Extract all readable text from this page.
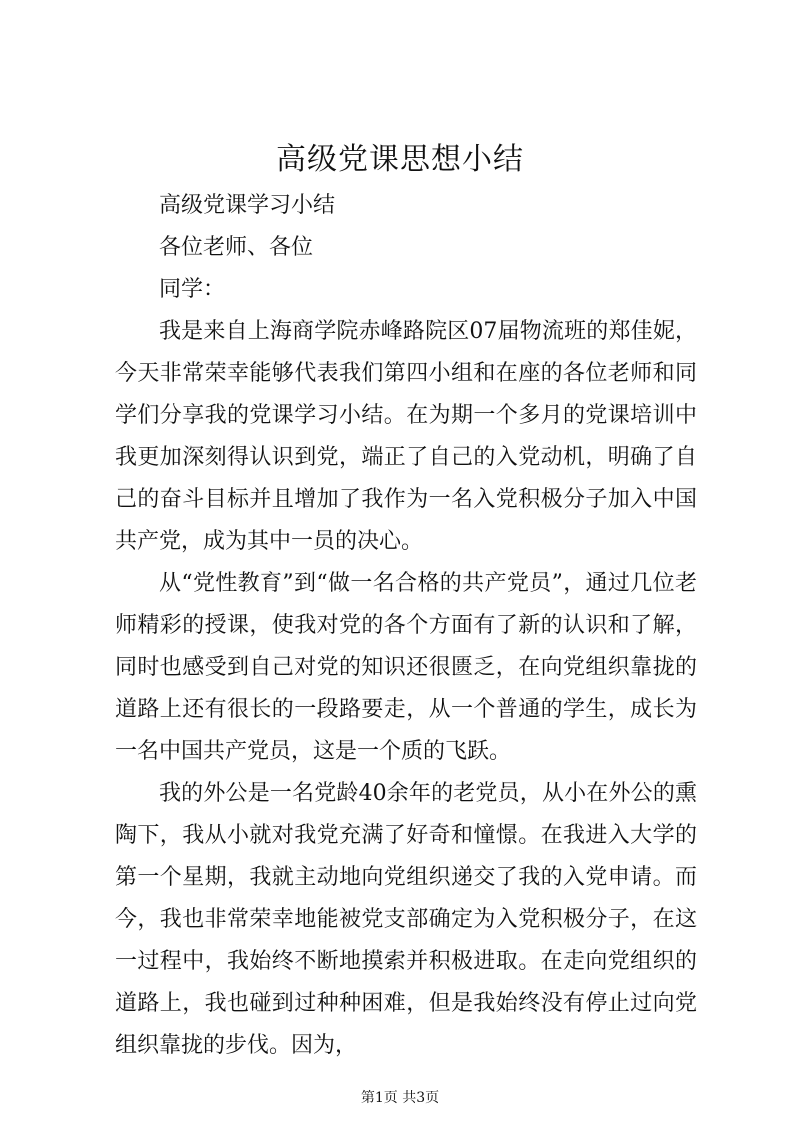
高级党课思想小结

高级党课学习小结

各位老师、各位

同学：

我是来自上海商学院赤峰路院区07届物流班的郑佳妮，今天非常荣幸能够代表我们第四小组和在座的各位老师和同学们分享我的党课学习小结。在为期一个多月的党课培训中我更加深刻得认识到党，端正了自己的入党动机，明确了自己的奋斗目标并且增加了我作为一名入党积极分子加入中国共产党，成为其中一员的决心。

从“党性教育”到“做一名合格的共产党员”，通过几位老师精彩的授课，使我对党的各个方面有了新的认识和了解，同时也感受到自己对党的知识还很匮乏，在向党组织靠拢的道路上还有很长的一段路要走，从一个普通的学生，成长为一名中国共产党员，这是一个质的飞跃。

我的外公是一名党龄40余年的老党员，从小在外公的熏陶下，我从小就对我党充满了好奇和憧憬。在我进入大学的第一个星期，我就主动地向党组织递交了我的入党申请。而今，我也非常荣幸地能被党支部确定为入党积极分子，在这一过程中，我始终不断地摸索并积极进取。在走向党组织的道路上，我也碰到过种种困难，但是我始终没有停止过向党组织靠拢的步伐。因为，

第1页 共3页
